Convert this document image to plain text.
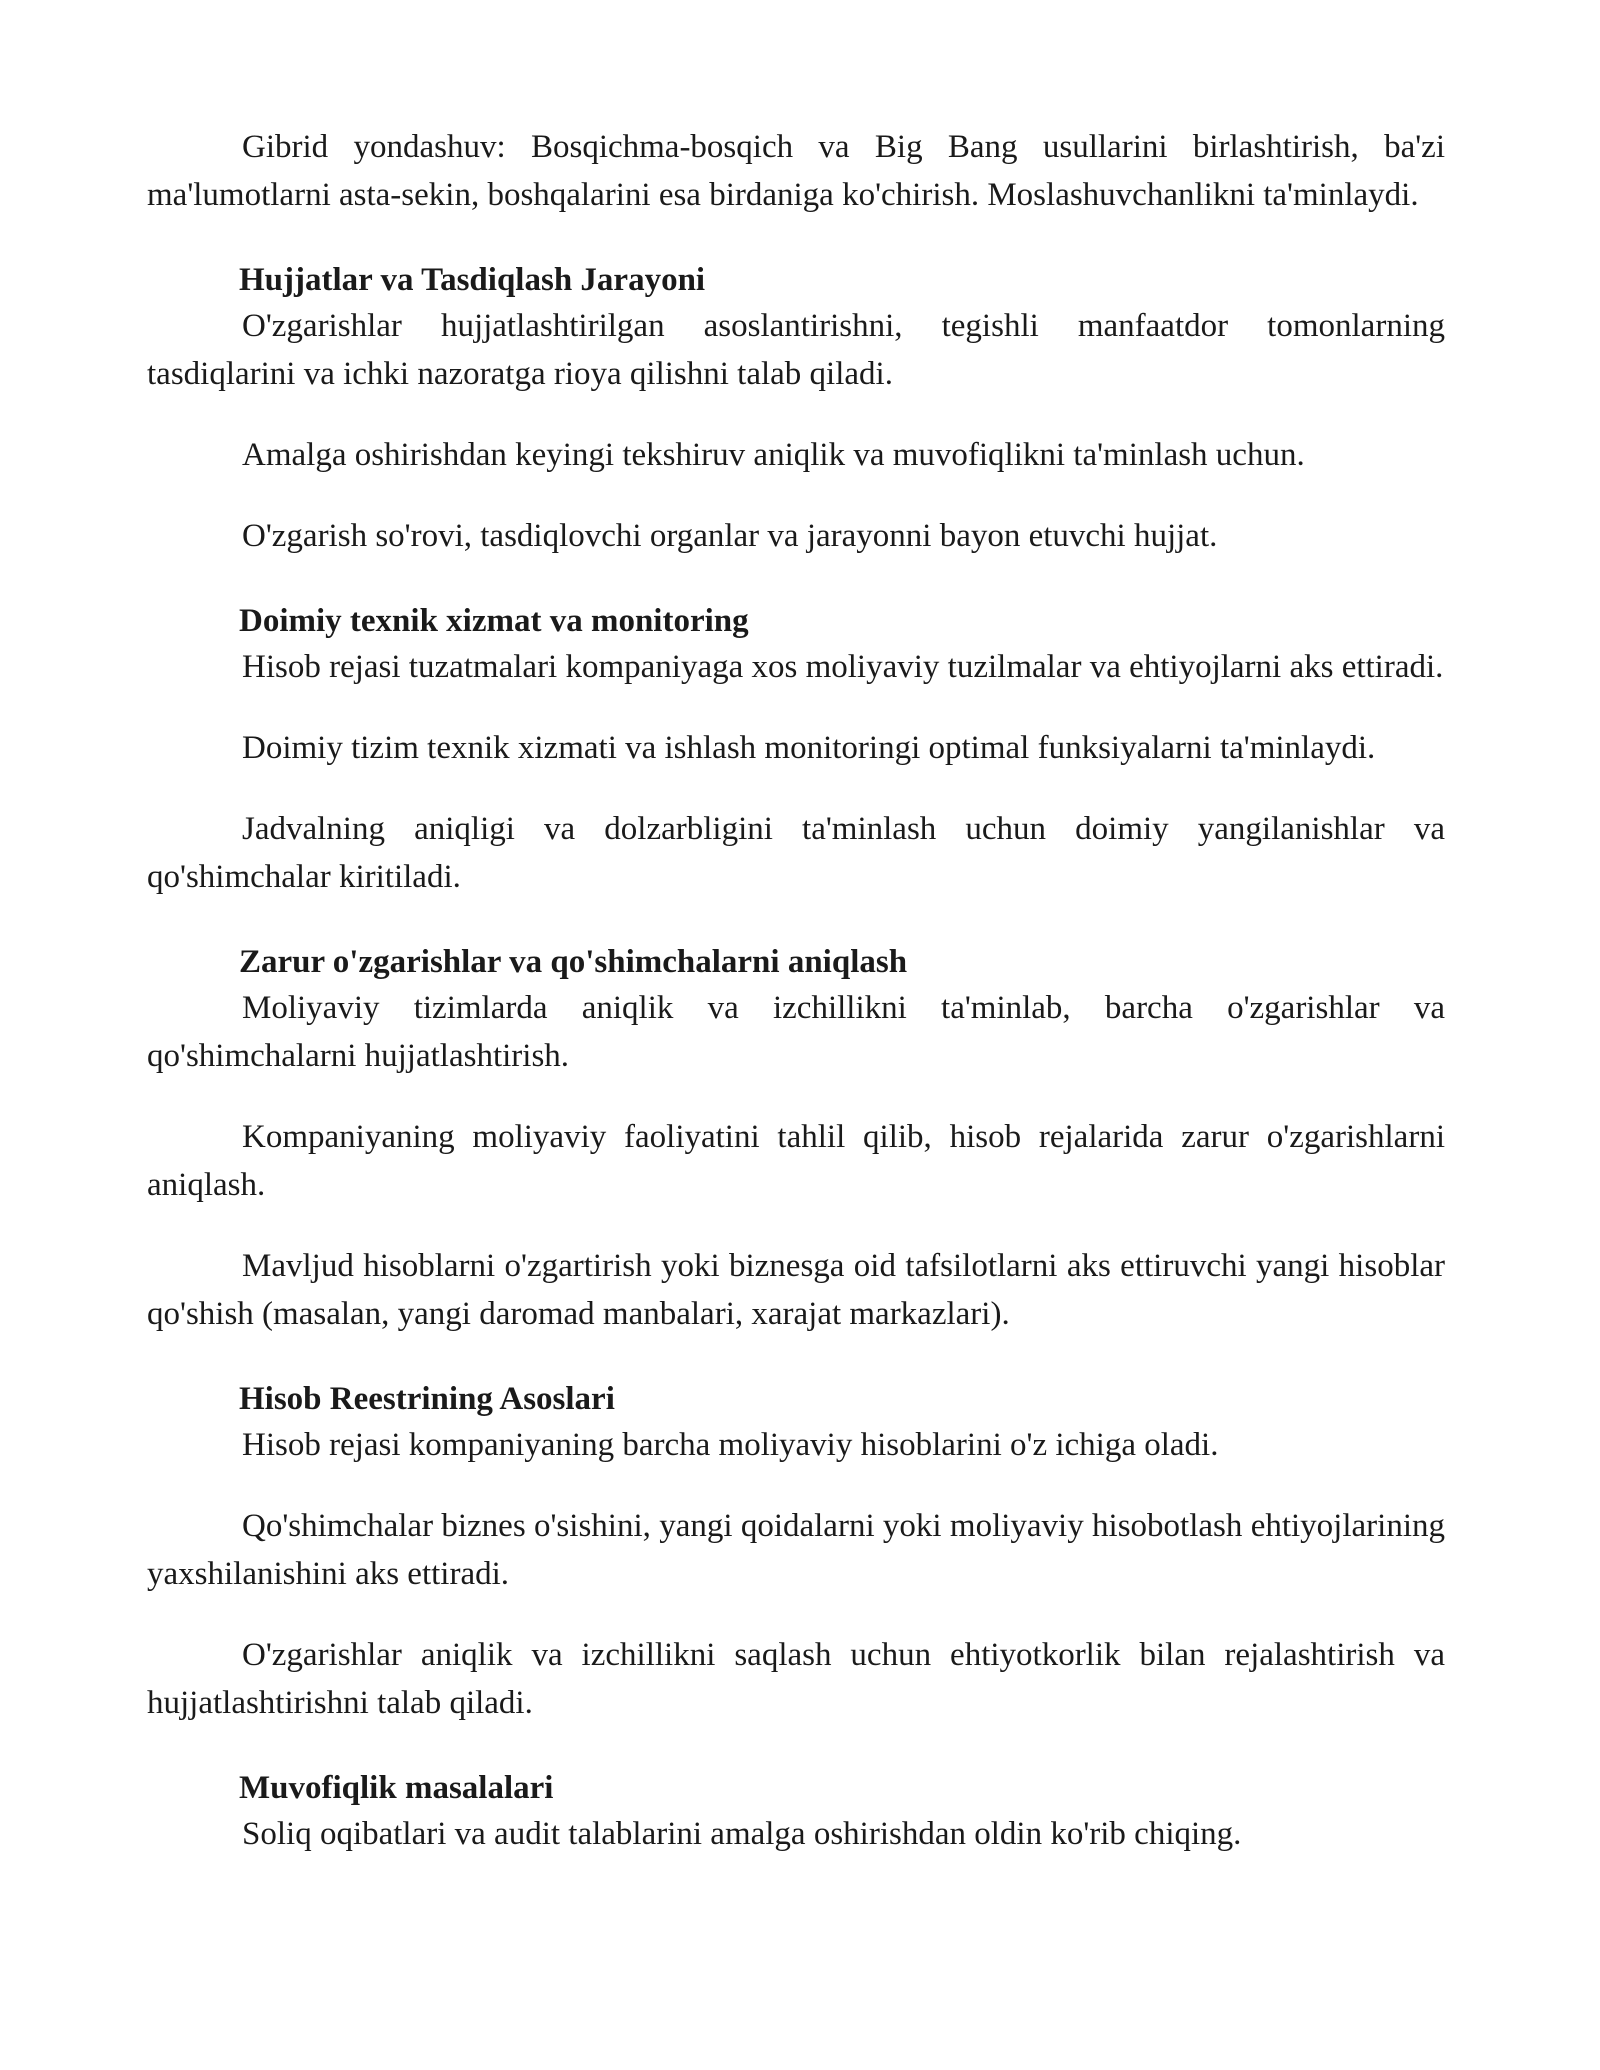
Gibrid yondashuv: Bosqichma-bosqich va Big Bang usullarini birlashtirish, ba'zi ma'lumotlarni asta-sekin, boshqalarini esa birdaniga ko'chirish. Moslashuvchanlikni ta'minlaydi.

Hujjatlar va Tasdiqlash Jarayoni

O'zgarishlar hujjatlashtirilgan asoslantirishni, tegishli manfaatdor tomonlarning tasdiqlarini va ichki nazoratga rioya qilishni talab qiladi.

Amalga oshirishdan keyingi tekshiruv aniqlik va muvofiqlikni ta'minlash uchun.

O'zgarish so'rovi, tasdiqlovchi organlar va jarayonni bayon etuvchi hujjat.

Doimiy texnik xizmat va monitoring

Hisob rejasi tuzatmalari kompaniyaga xos moliyaviy tuzilmalar va ehtiyojlarni aks ettiradi.

Doimiy tizim texnik xizmati va ishlash monitoringi optimal funksiyalarni ta'minlaydi.

Jadvalning aniqligi va dolzarbligini ta'minlash uchun doimiy yangilanishlar va qo'shimchalar kiritiladi.

Zarur o'zgarishlar va qo'shimchalarni aniqlash

Moliyaviy tizimlarda aniqlik va izchillikni ta'minlab, barcha o'zgarishlar va qo'shimchalarni hujjatlashtirish.

Kompaniyaning moliyaviy faoliyatini tahlil qilib, hisob rejalarida zarur o'zgarishlarni aniqlash.

Mavljud hisoblarni o'zgartirish yoki biznesga oid tafsilotlarni aks ettiruvchi yangi hisoblar qo'shish (masalan, yangi daromad manbalari, xarajat markazlari).

Hisob Reestrining Asoslari

Hisob rejasi kompaniyaning barcha moliyaviy hisoblarini o'z ichiga oladi.

Qo'shimchalar biznes o'sishini, yangi qoidalarni yoki moliyaviy hisobotlash ehtiyojlarining yaxshilanishini aks ettiradi.

O'zgarishlar aniqlik va izchillikni saqlash uchun ehtiyotkorlik bilan rejalashtirish va hujjatlashtirishni talab qiladi.

Muvofiqlik masalalari

Soliq oqibatlari va audit talablarini amalga oshirishdan oldin ko'rib chiqing.
